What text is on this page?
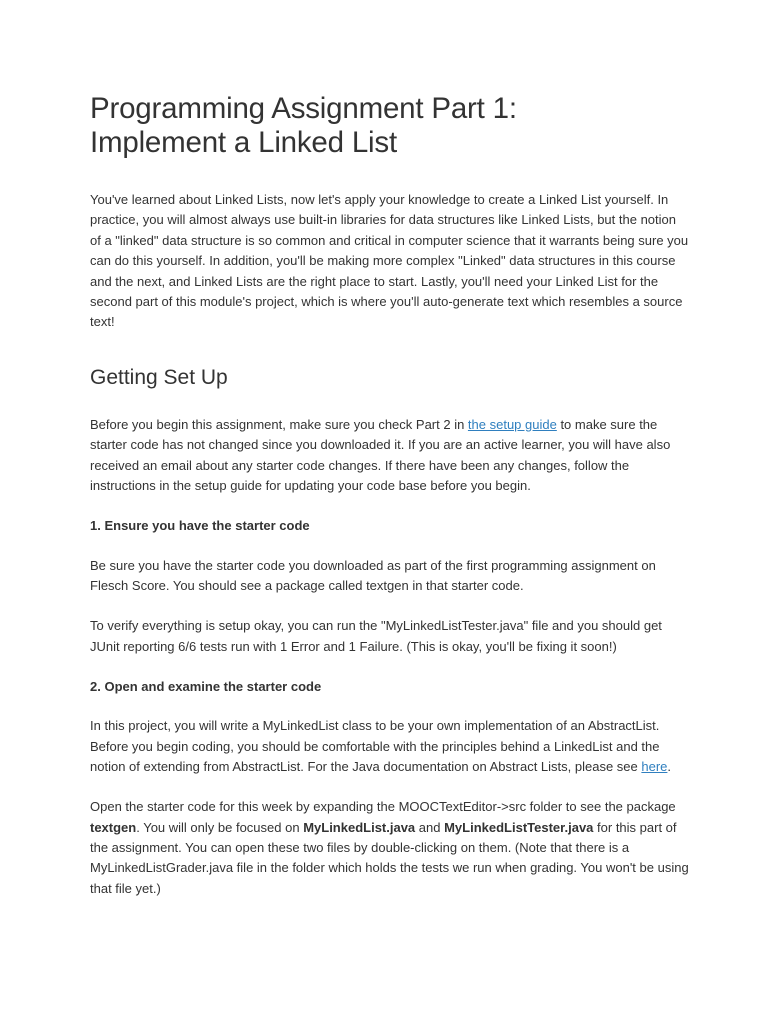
Programming Assignment Part 1:
Implement a Linked List

You've learned about Linked Lists, now let's apply your knowledge to create a Linked List yourself. In practice, you will almost always use built-in libraries for data structures like Linked Lists, but the notion of a "linked" data structure is so common and critical in computer science that it warrants being sure you can do this yourself. In addition, you'll be making more complex "Linked" data structures in this course and the next, and Linked Lists are the right place to start. Lastly, you'll need your Linked List for the second part of this module's project, which is where you'll auto-generate text which resembles a source text!

Getting Set Up

Before you begin this assignment, make sure you check Part 2 in the setup guide to make sure the starter code has not changed since you downloaded it. If you are an active learner, you will have also received an email about any starter code changes. If there have been any changes, follow the instructions in the setup guide for updating your code base before you begin.

1. Ensure you have the starter code

Be sure you have the starter code you downloaded as part of the first programming assignment on Flesch Score. You should see a package called textgen in that starter code.

To verify everything is setup okay, you can run the "MyLinkedListTester.java" file and you should get JUnit reporting 6/6 tests run with 1 Error and 1 Failure. (This is okay, you'll be fixing it soon!)

2. Open and examine the starter code

In this project, you will write a MyLinkedList class to be your own implementation of an AbstractList. Before you begin coding, you should be comfortable with the principles behind a LinkedList and the notion of extending from AbstractList. For the Java documentation on Abstract Lists, please see here.

Open the starter code for this week by expanding the MOOCTextEditor->src folder to see the package textgen. You will only be focused on MyLinkedList.java and MyLinkedListTester.java for this part of the assignment. You can open these two files by double-clicking on them. (Note that there is a MyLinkedListGrader.java file in the folder which holds the tests we run when grading. You won't be using that file yet.)
